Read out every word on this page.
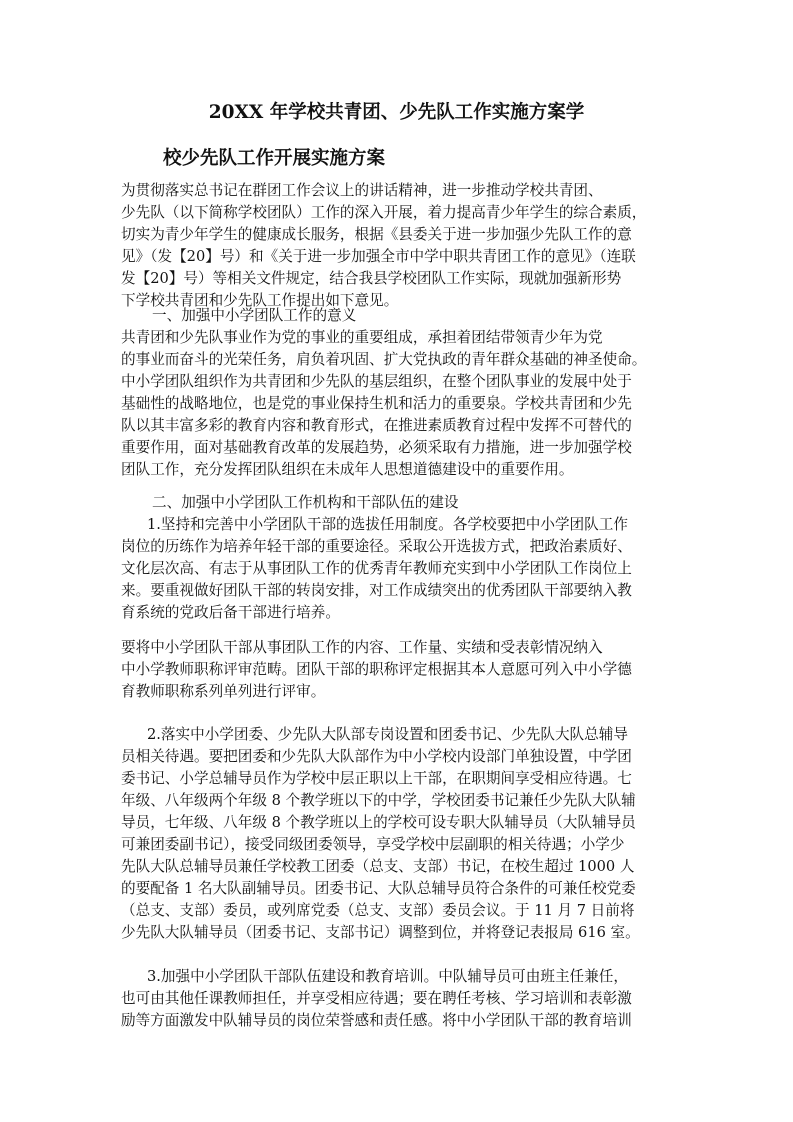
20XX 年学校共青团、少先队工作实施方案学
校少先队工作开展实施方案
为贯彻落实总书记在群团工作会议上的讲话精神，进一步推动学校共青团、
少先队（以下简称学校团队）工作的深入开展，着力提高青少年学生的综合素质，
切实为青少年学生的健康成长服务，根据《县委关于进一步加强少先队工作的意
见》（发【20】号）和《关于进一步加强全市中学中职共青团工作的意见》（连联
发【20】号）等相关文件规定，结合我县学校团队工作实际，现就加强新形势
下学校共青团和少先队工作提出如下意见。
一、加强中小学团队工作的意义
共青团和少先队事业作为党的事业的重要组成，承担着团结带领青少年为党
的事业而奋斗的光荣任务，肩负着巩固、扩大党执政的青年群众基础的神圣使命。
中小学团队组织作为共青团和少先队的基层组织，在整个团队事业的发展中处于
基础性的战略地位，也是党的事业保持生机和活力的重要泉。学校共青团和少先
队以其丰富多彩的教育内容和教育形式，在推进素质教育过程中发挥不可替代的
重要作用，面对基础教育改革的发展趋势，必须采取有力措施，进一步加强学校
团队工作，充分发挥团队组织在未成年人思想道德建设中的重要作用。
二、加强中小学团队工作机构和干部队伍的建设
1.坚持和完善中小学团队干部的选拔任用制度。各学校要把中小学团队工作
岗位的历练作为培养年轻干部的重要途径。采取公开选拔方式，把政治素质好、
文化层次高、有志于从事团队工作的优秀青年教师充实到中小学团队工作岗位上
来。要重视做好团队干部的转岗安排，对工作成绩突出的优秀团队干部要纳入教
育系统的党政后备干部进行培养。
要将中小学团队干部从事团队工作的内容、工作量、实绩和受表彰情况纳入
中小学教师职称评审范畴。团队干部的职称评定根据其本人意愿可列入中小学德
育教师职称系列单列进行评审。
2.落实中小学团委、少先队大队部专岗设置和团委书记、少先队大队总辅导
员相关待遇。要把团委和少先队大队部作为中小学校内设部门单独设置，中学团
委书记、小学总辅导员作为学校中层正职以上干部，在职期间享受相应待遇。七
年级、八年级两个年级 8 个教学班以下的中学，学校团委书记兼任少先队大队辅
导员，七年级、八年级 8 个教学班以上的学校可设专职大队辅导员（大队辅导员
可兼团委副书记），接受同级团委领导，享受学校中层副职的相关待遇；小学少
先队大队总辅导员兼任学校教工团委（总支、支部）书记，在校生超过 1000 人
的要配备 1 名大队副辅导员。团委书记、大队总辅导员符合条件的可兼任校党委
（总支、支部）委员，或列席党委（总支、支部）委员会议。于 11 月 7 日前将
少先队大队辅导员（团委书记、支部书记）调整到位，并将登记表报局 616 室。
3.加强中小学团队干部队伍建设和教育培训。中队辅导员可由班主任兼任，
也可由其他任课教师担任，并享受相应待遇；要在聘任考核、学习培训和表彰激
励等方面激发中队辅导员的岗位荣誉感和责任感。将中小学团队干部的教育培训
